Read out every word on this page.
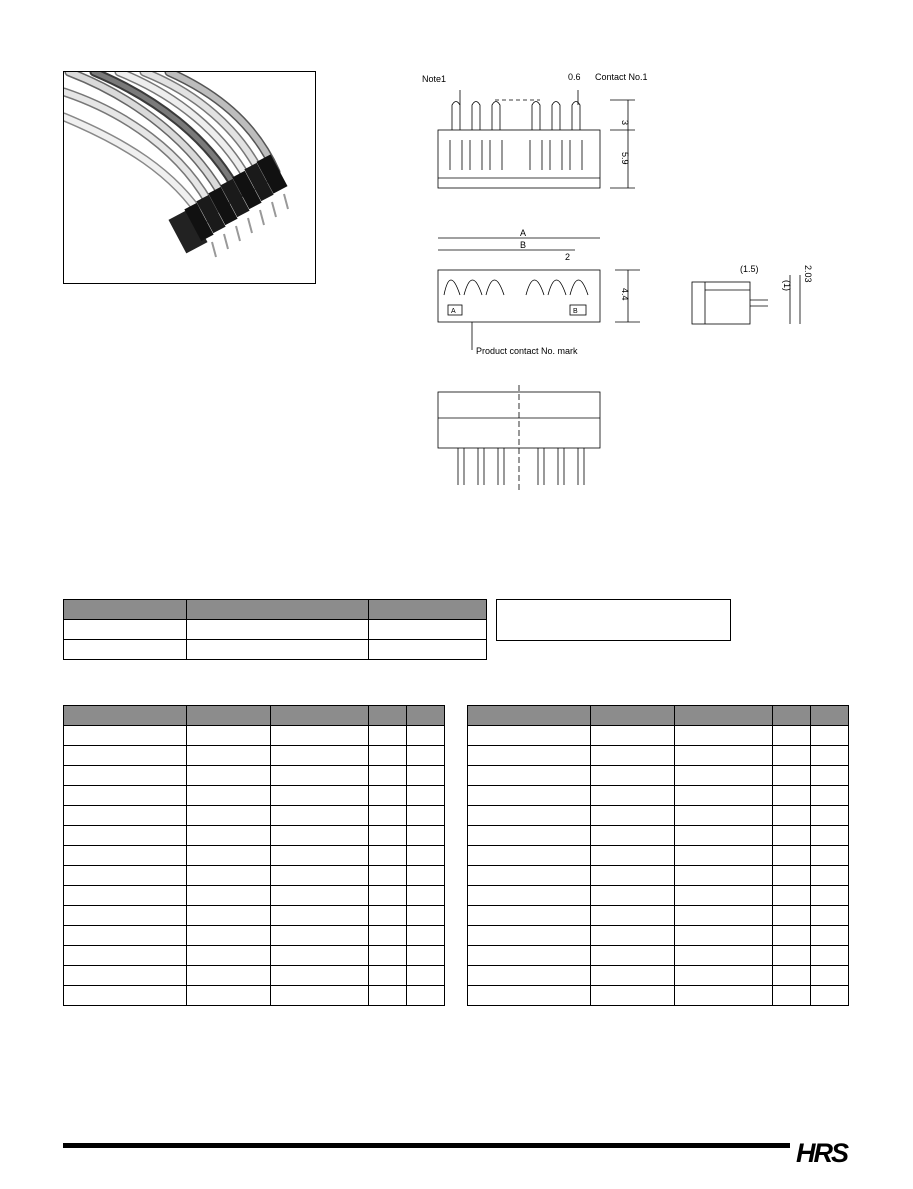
Note1	0.6 Contact No.1
3
5.9
A
B
2
4.4
(1.5)
(1)
2.03
A	B
Product contact No. mark

HRS
